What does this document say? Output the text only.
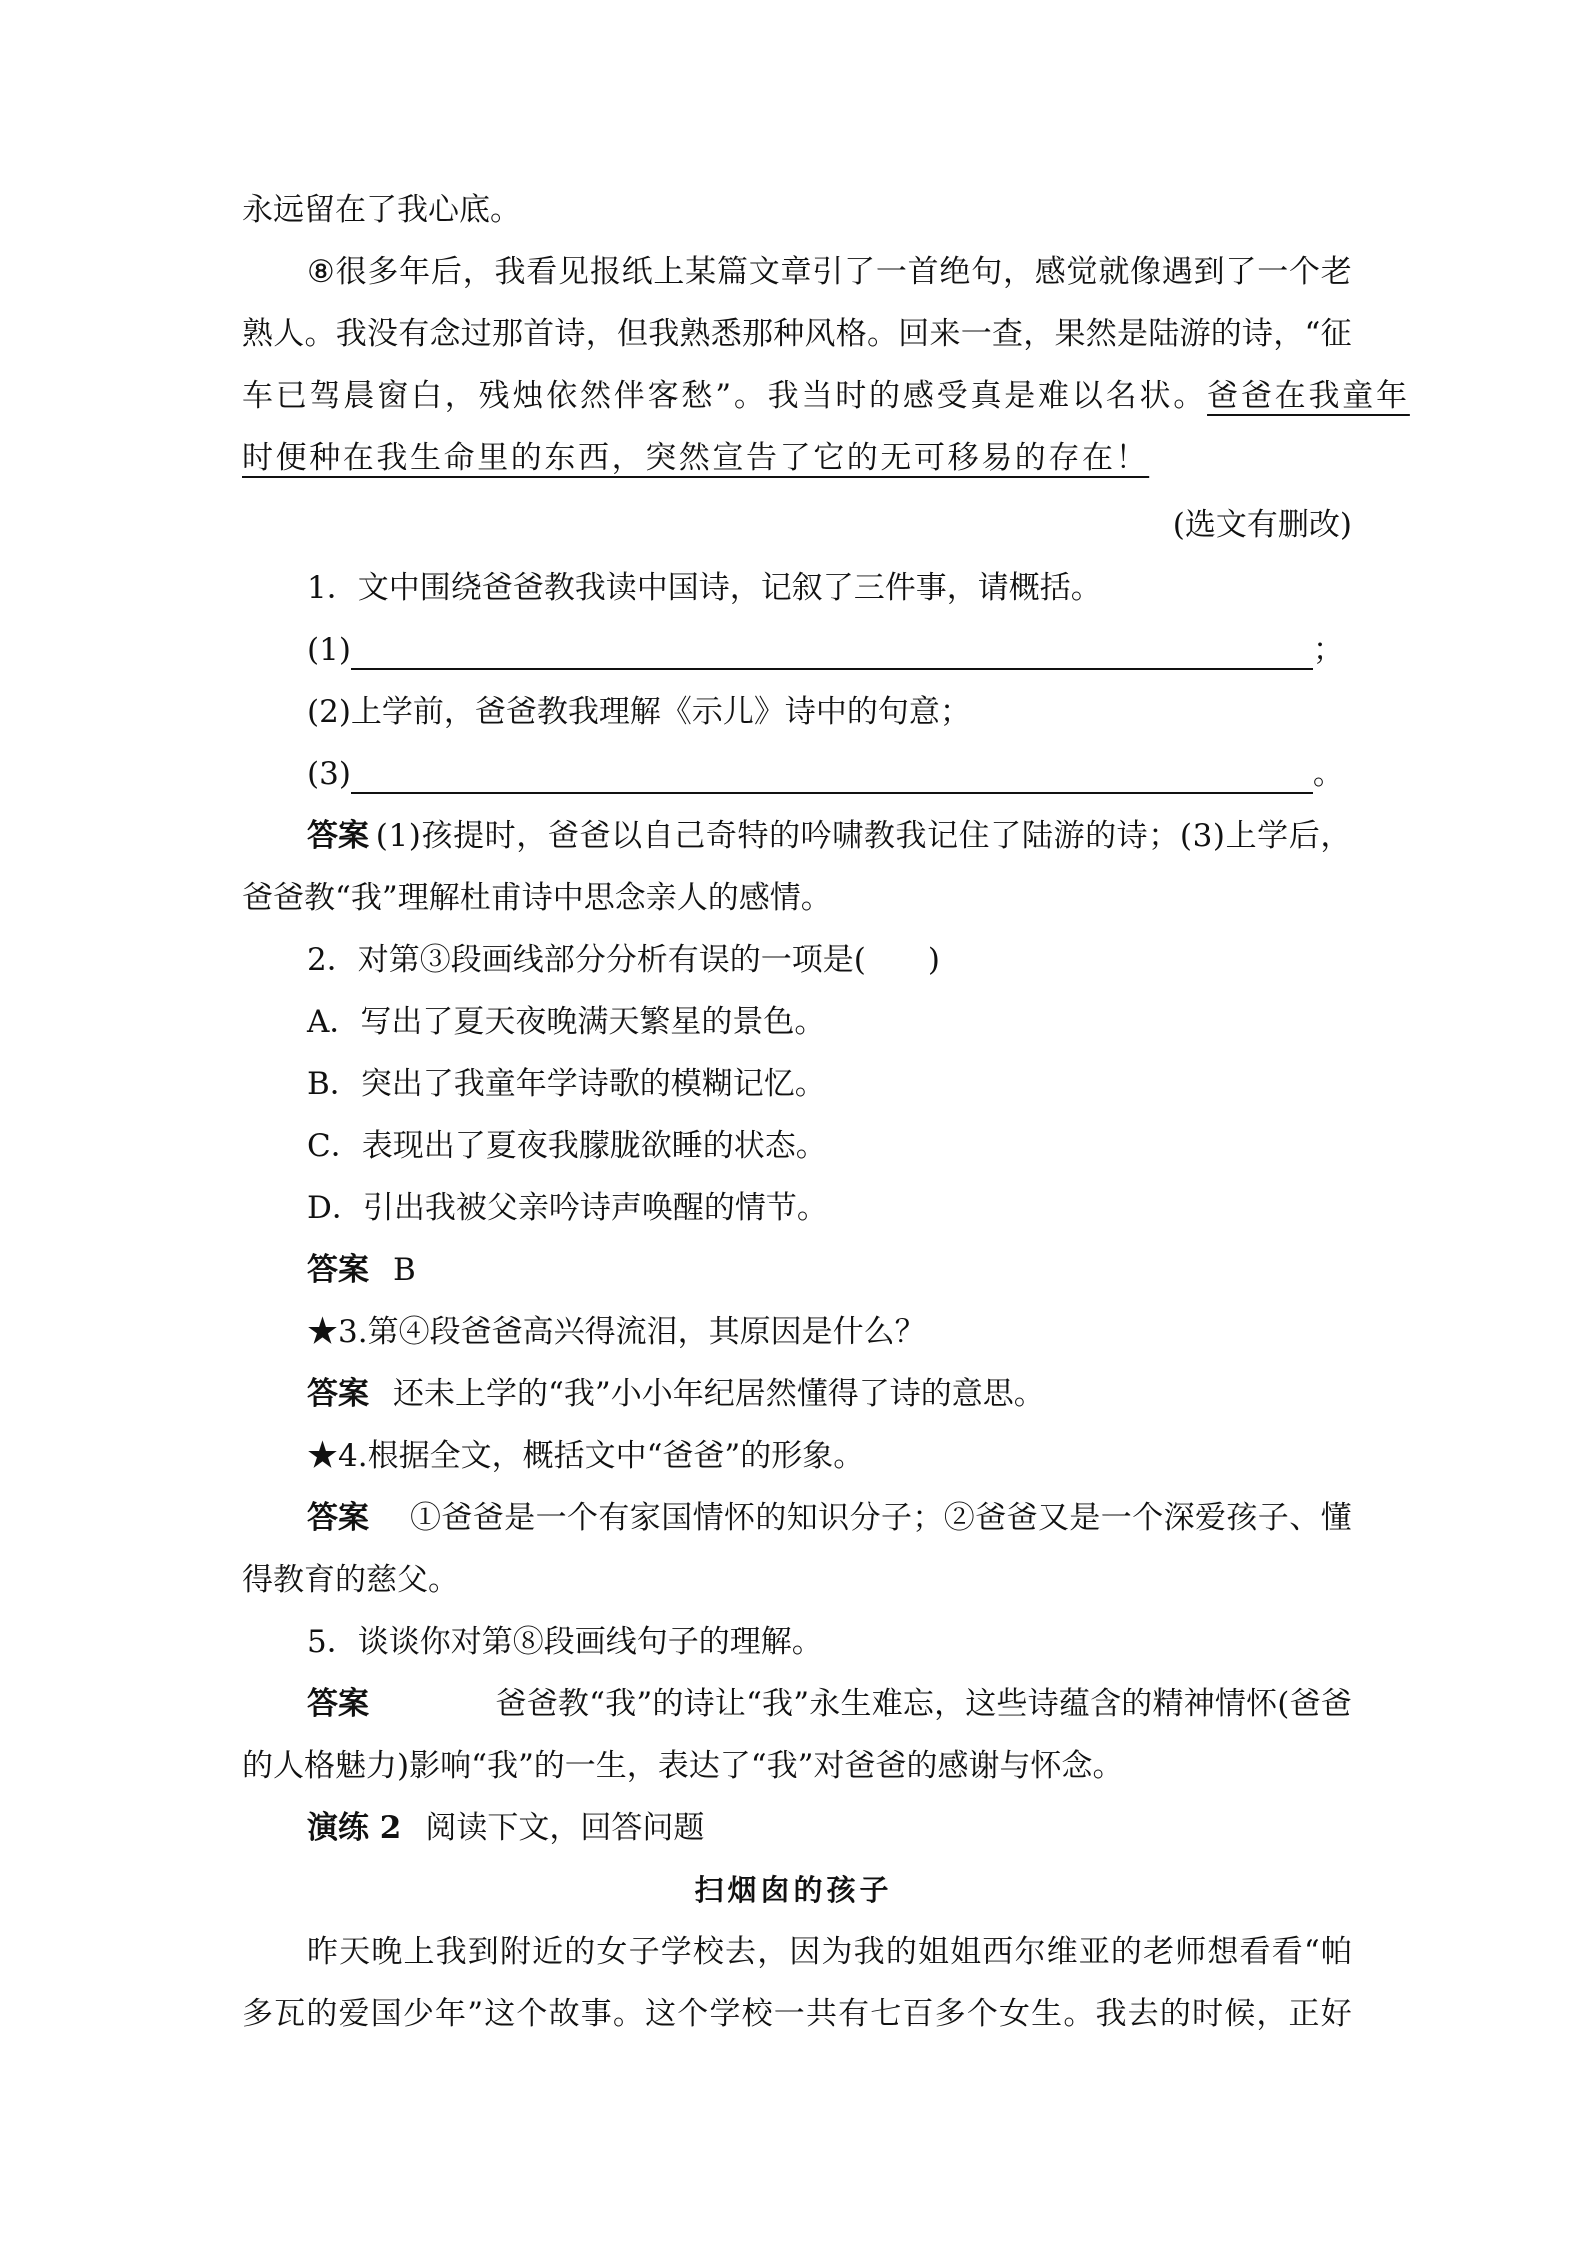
永远留在了我心底。
⑧ 很 多 年 后 ， 我 看 见 报 纸 上 某 篇 文 章 引 了 一 首 绝 句 ， 感 觉 就 像 遇 到 了 一 个 老
熟 人 。 我 没 有 念 过 那 首 诗 ， 但 我 熟 悉 那 种 风 格 。 回 来 一 查 ， 果 然 是 陆 游 的 诗 ， “ 征
车已驾晨窗白，残烛依然伴客愁”。我当时的感受真是难以名状。 爸爸在我童年
时便种在我生命里的东西，突然宣告了它的无可移易的存在！
(选文有删改)
1．文中围绕爸爸教我读中国诗，记叙了三件事，请概括。
(1)	；
(2)上学前，爸爸教我理解《示儿》诗中的句意；
(3)	。
答案 (1)孩提时，爸爸以自己奇特的吟啸教我记住了陆游的诗；(3)上学后，
爸爸教“我”理解杜甫诗中思念亲人的感情。
2．对第③段画线部分分析有误的一项是(　　)
A．写出了夏天夜晚满天繁星的景色。
B．突出了我童年学诗歌的模糊记忆。
C．表现出了夏夜我朦胧欲睡的状态。
D．引出我被父亲吟诗声唤醒的情节。
答案 B
★3.第④段爸爸高兴得流泪，其原因是什么？
答案 还未上学的“我”小小年纪居然懂得了诗的意思。
★4.根据全文，概括文中“爸爸”的形象。
答案 ①爸爸是一个有家国情怀的知识分子；②爸爸又是一个深爱孩子、懂
得教育的慈父。
5．谈谈你对第⑧段画线句子的理解。
答案	爸爸教“我”的诗让“我”永生难忘，这些诗蕴含的精神情怀(爸爸
的人格魅力)影响“我”的一生，表达了“我”对爸爸的感谢与怀念。
演练 2 阅读下文，回答问题
扫烟囱的孩子
昨 天 晚 上 我 到 附 近 的 女 子 学 校 去 ， 因 为 我 的 姐 姐 西 尔 维 亚 的 老 师 想 看 看 “ 帕
多 瓦 的 爱 国 少 年 ” 这 个 故 事 。 这 个 学 校 一 共 有 七 百 多 个 女 生 。 我 去 的 时 候 ， 正 好
